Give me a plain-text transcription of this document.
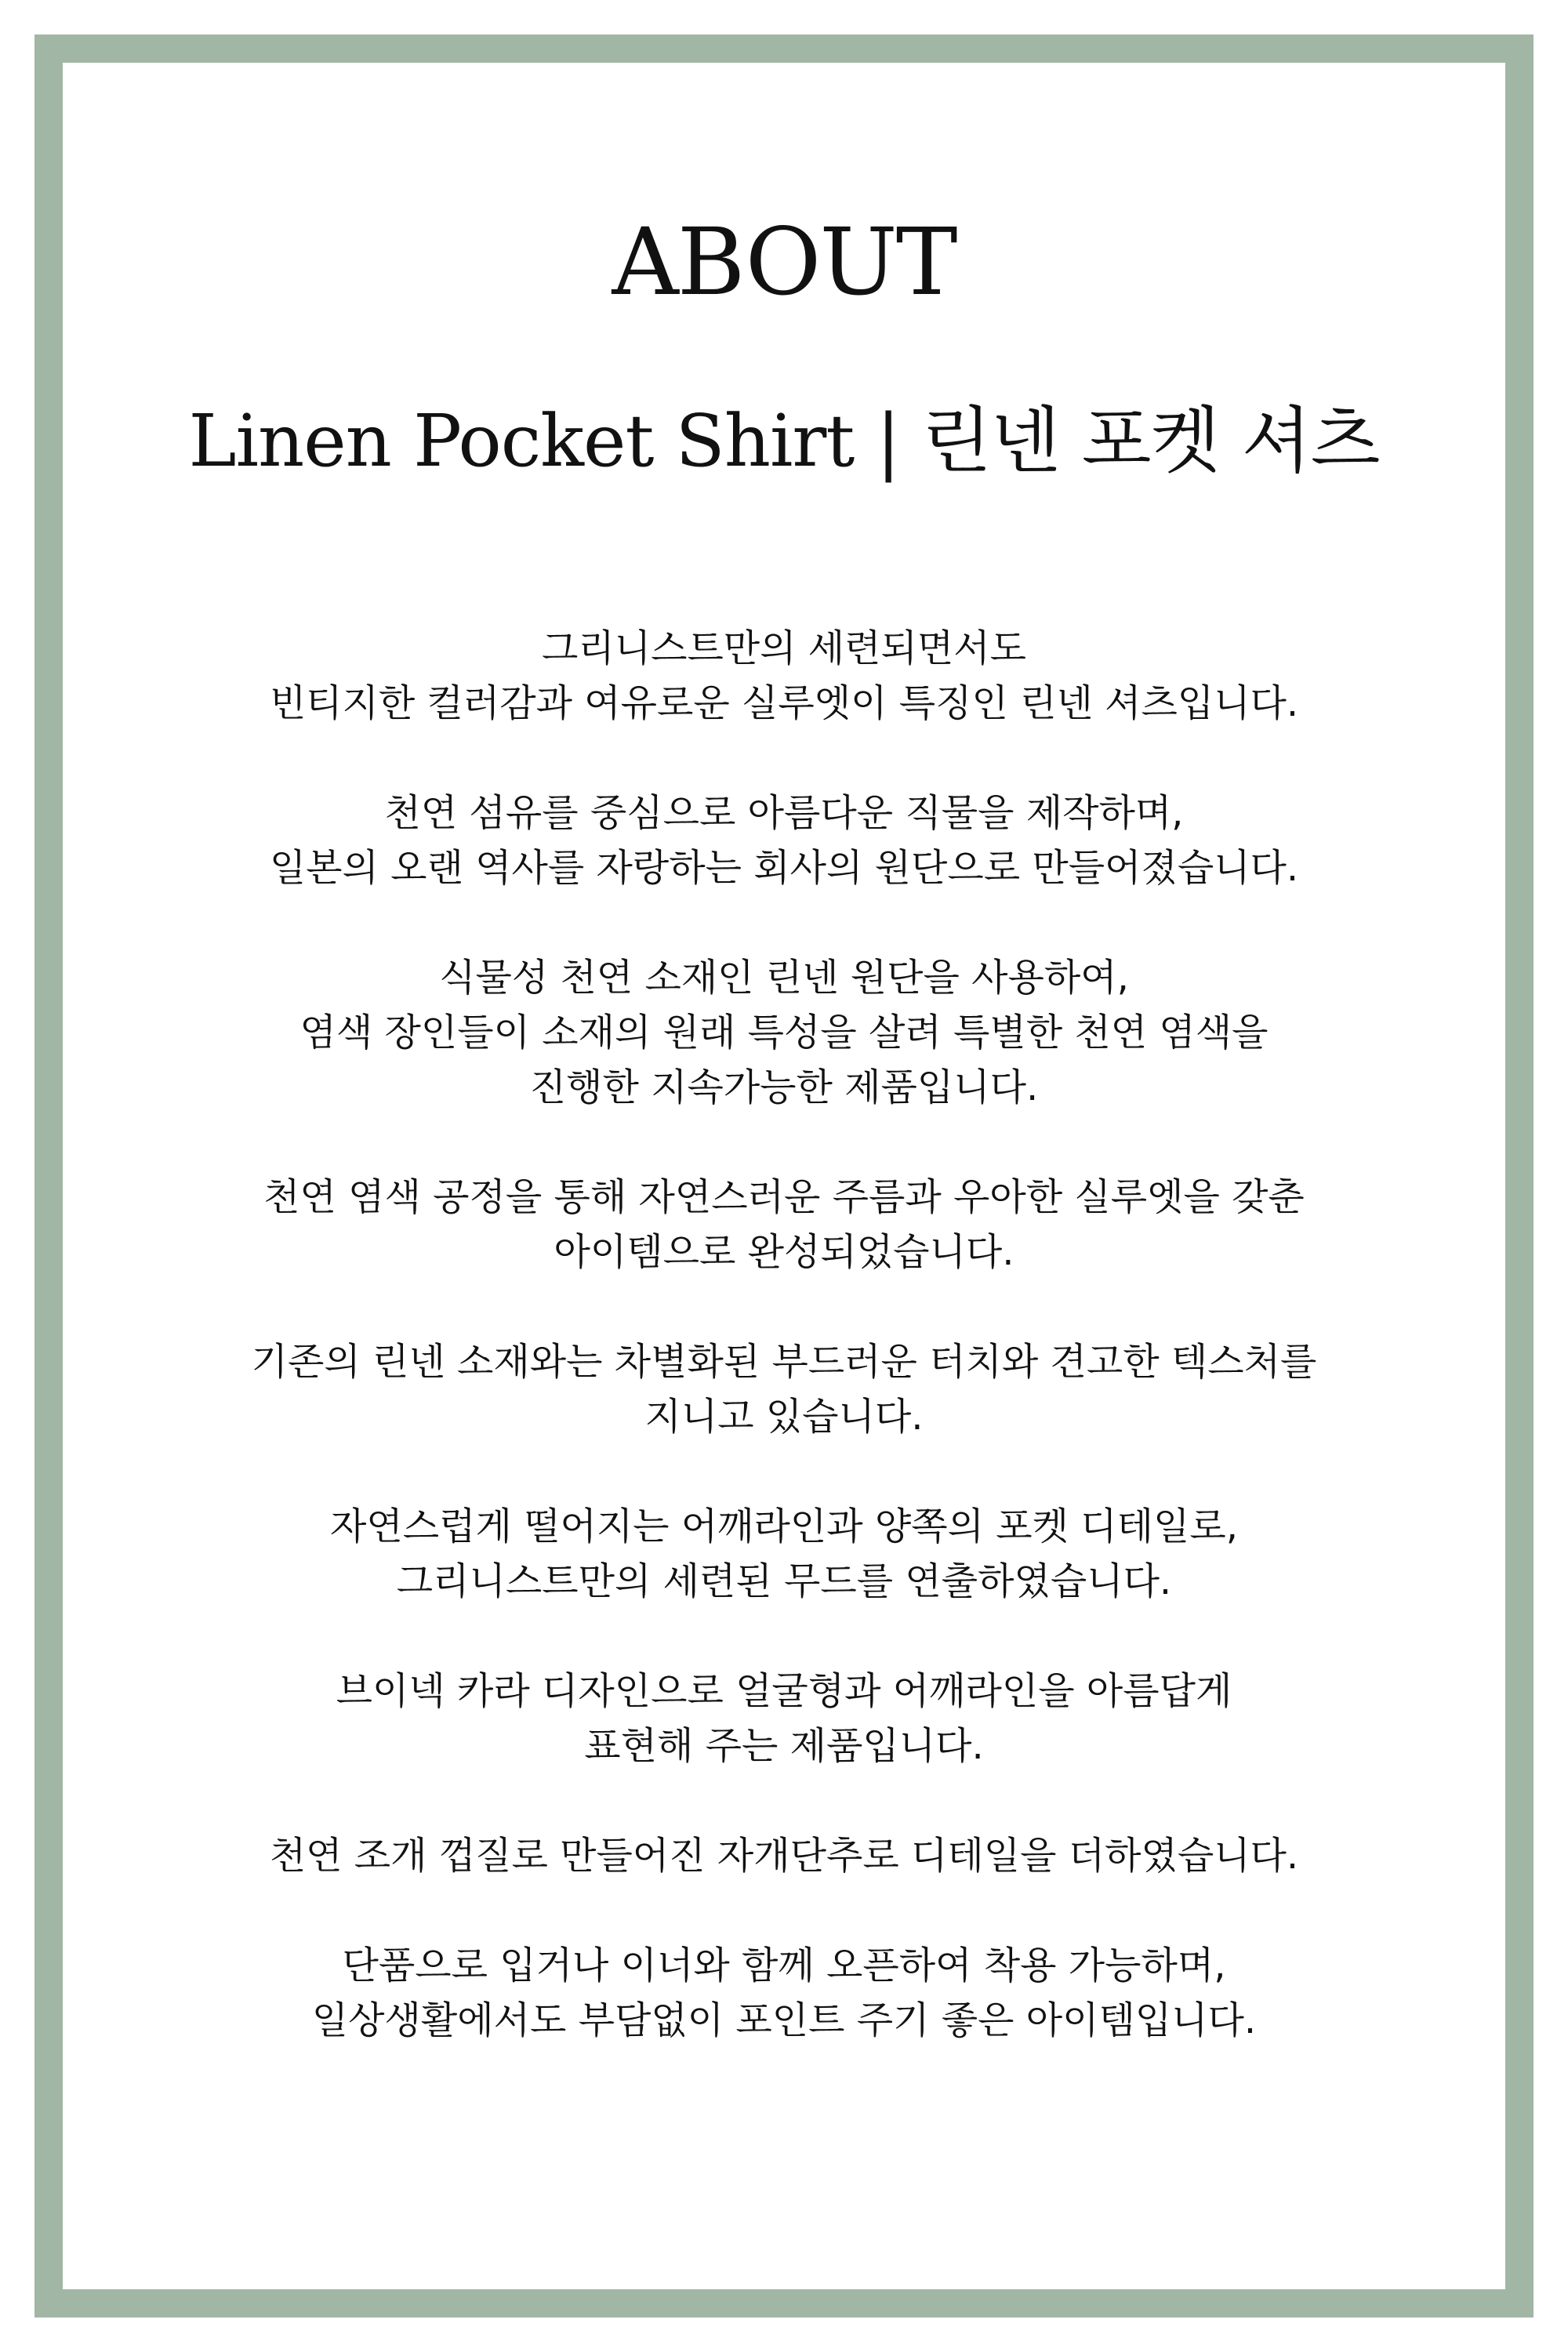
ABOUT
Linen Pocket Shirt | 린넨 포켓 셔츠

그리니스트만의 세련되면서도
빈티지한 컬러감과 여유로운 실루엣이 특징인 린넨 셔츠입니다.

천연 섬유를 중심으로 아름다운 직물을 제작하며,
일본의 오랜 역사를 자랑하는 회사의 원단으로 만들어졌습니다.

식물성 천연 소재인 린넨 원단을 사용하여,
염색 장인들이 소재의 원래 특성을 살려 특별한 천연 염색을
진행한 지속가능한 제품입니다.

천연 염색 공정을 통해 자연스러운 주름과 우아한 실루엣을 갖춘
아이템으로 완성되었습니다.

기존의 린넨 소재와는 차별화된 부드러운 터치와 견고한 텍스처를
지니고 있습니다.

자연스럽게 떨어지는 어깨라인과 양쪽의 포켓 디테일로,
그리니스트만의 세련된 무드를 연출하였습니다.

브이넥 카라 디자인으로 얼굴형과 어깨라인을 아름답게
표현해 주는 제품입니다.

천연 조개 껍질로 만들어진 자개단추로 디테일을 더하였습니다.

단품으로 입거나 이너와 함께 오픈하여 착용 가능하며,
일상생활에서도 부담없이 포인트 주기 좋은 아이템입니다.
